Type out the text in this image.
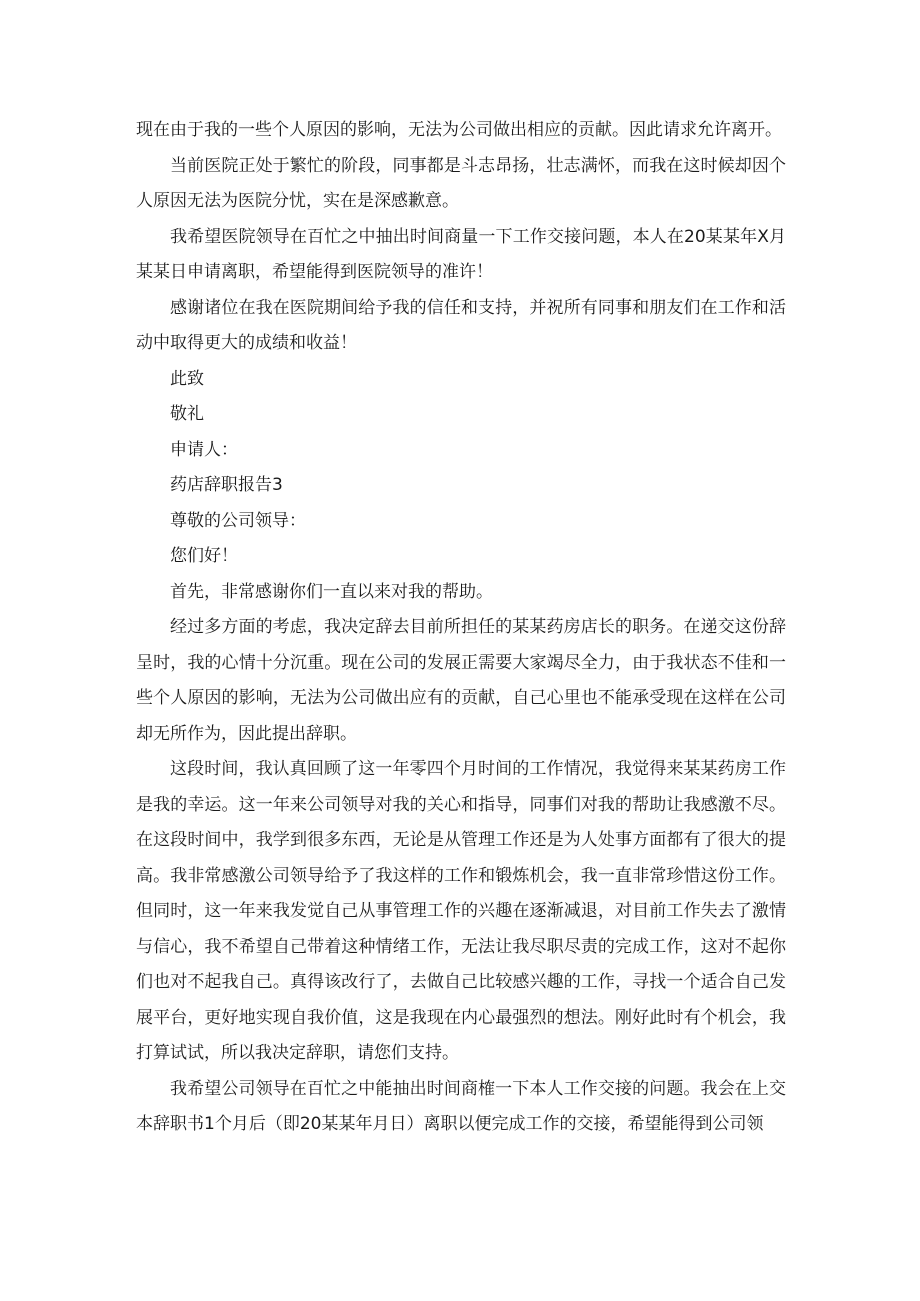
现在由于我的一些个人原因的影响，无法为公司做出相应的贡献。因此请求允许离开。

当前医院正处于繁忙的阶段，同事都是斗志昂扬，壮志满怀，而我在这时候却因个人原因无法为医院分忧，实在是深感歉意。

我希望医院领导在百忙之中抽出时间商量一下工作交接问题，本人在20某某年X月某某日申请离职，希望能得到医院领导的准许！

感谢诸位在我在医院期间给予我的信任和支持，并祝所有同事和朋友们在工作和活动中取得更大的成绩和收益！

此致

敬礼

申请人：

药店辞职报告3

尊敬的公司领导：

您们好！

首先，非常感谢你们一直以来对我的帮助。

经过多方面的考虑，我决定辞去目前所担任的某某药房店长的职务。在递交这份辞呈时，我的心情十分沉重。现在公司的发展正需要大家竭尽全力，由于我状态不佳和一些个人原因的影响，无法为公司做出应有的贡献，自己心里也不能承受现在这样在公司却无所作为，因此提出辞职。

这段时间，我认真回顾了这一年零四个月时间的工作情况，我觉得来某某药房工作是我的幸运。这一年来公司领导对我的关心和指导，同事们对我的帮助让我感激不尽。在这段时间中，我学到很多东西，无论是从管理工作还是为人处事方面都有了很大的提高。我非常感激公司领导给予了我这样的工作和锻炼机会，我一直非常珍惜这份工作。但同时，这一年来我发觉自己从事管理工作的兴趣在逐渐减退，对目前工作失去了激情与信心，我不希望自己带着这种情绪工作，无法让我尽职尽责的完成工作，这对不起你们也对不起我自己。真得该改行了，去做自己比较感兴趣的工作，寻找一个适合自己发展平台，更好地实现自我价值，这是我现在内心最强烈的想法。刚好此时有个机会，我打算试试，所以我决定辞职，请您们支持。

我希望公司领导在百忙之中能抽出时间商榷一下本人工作交接的问题。我会在上交本辞职书1个月后（即20某某年月日）离职以便完成工作的交接，希望能得到公司领
